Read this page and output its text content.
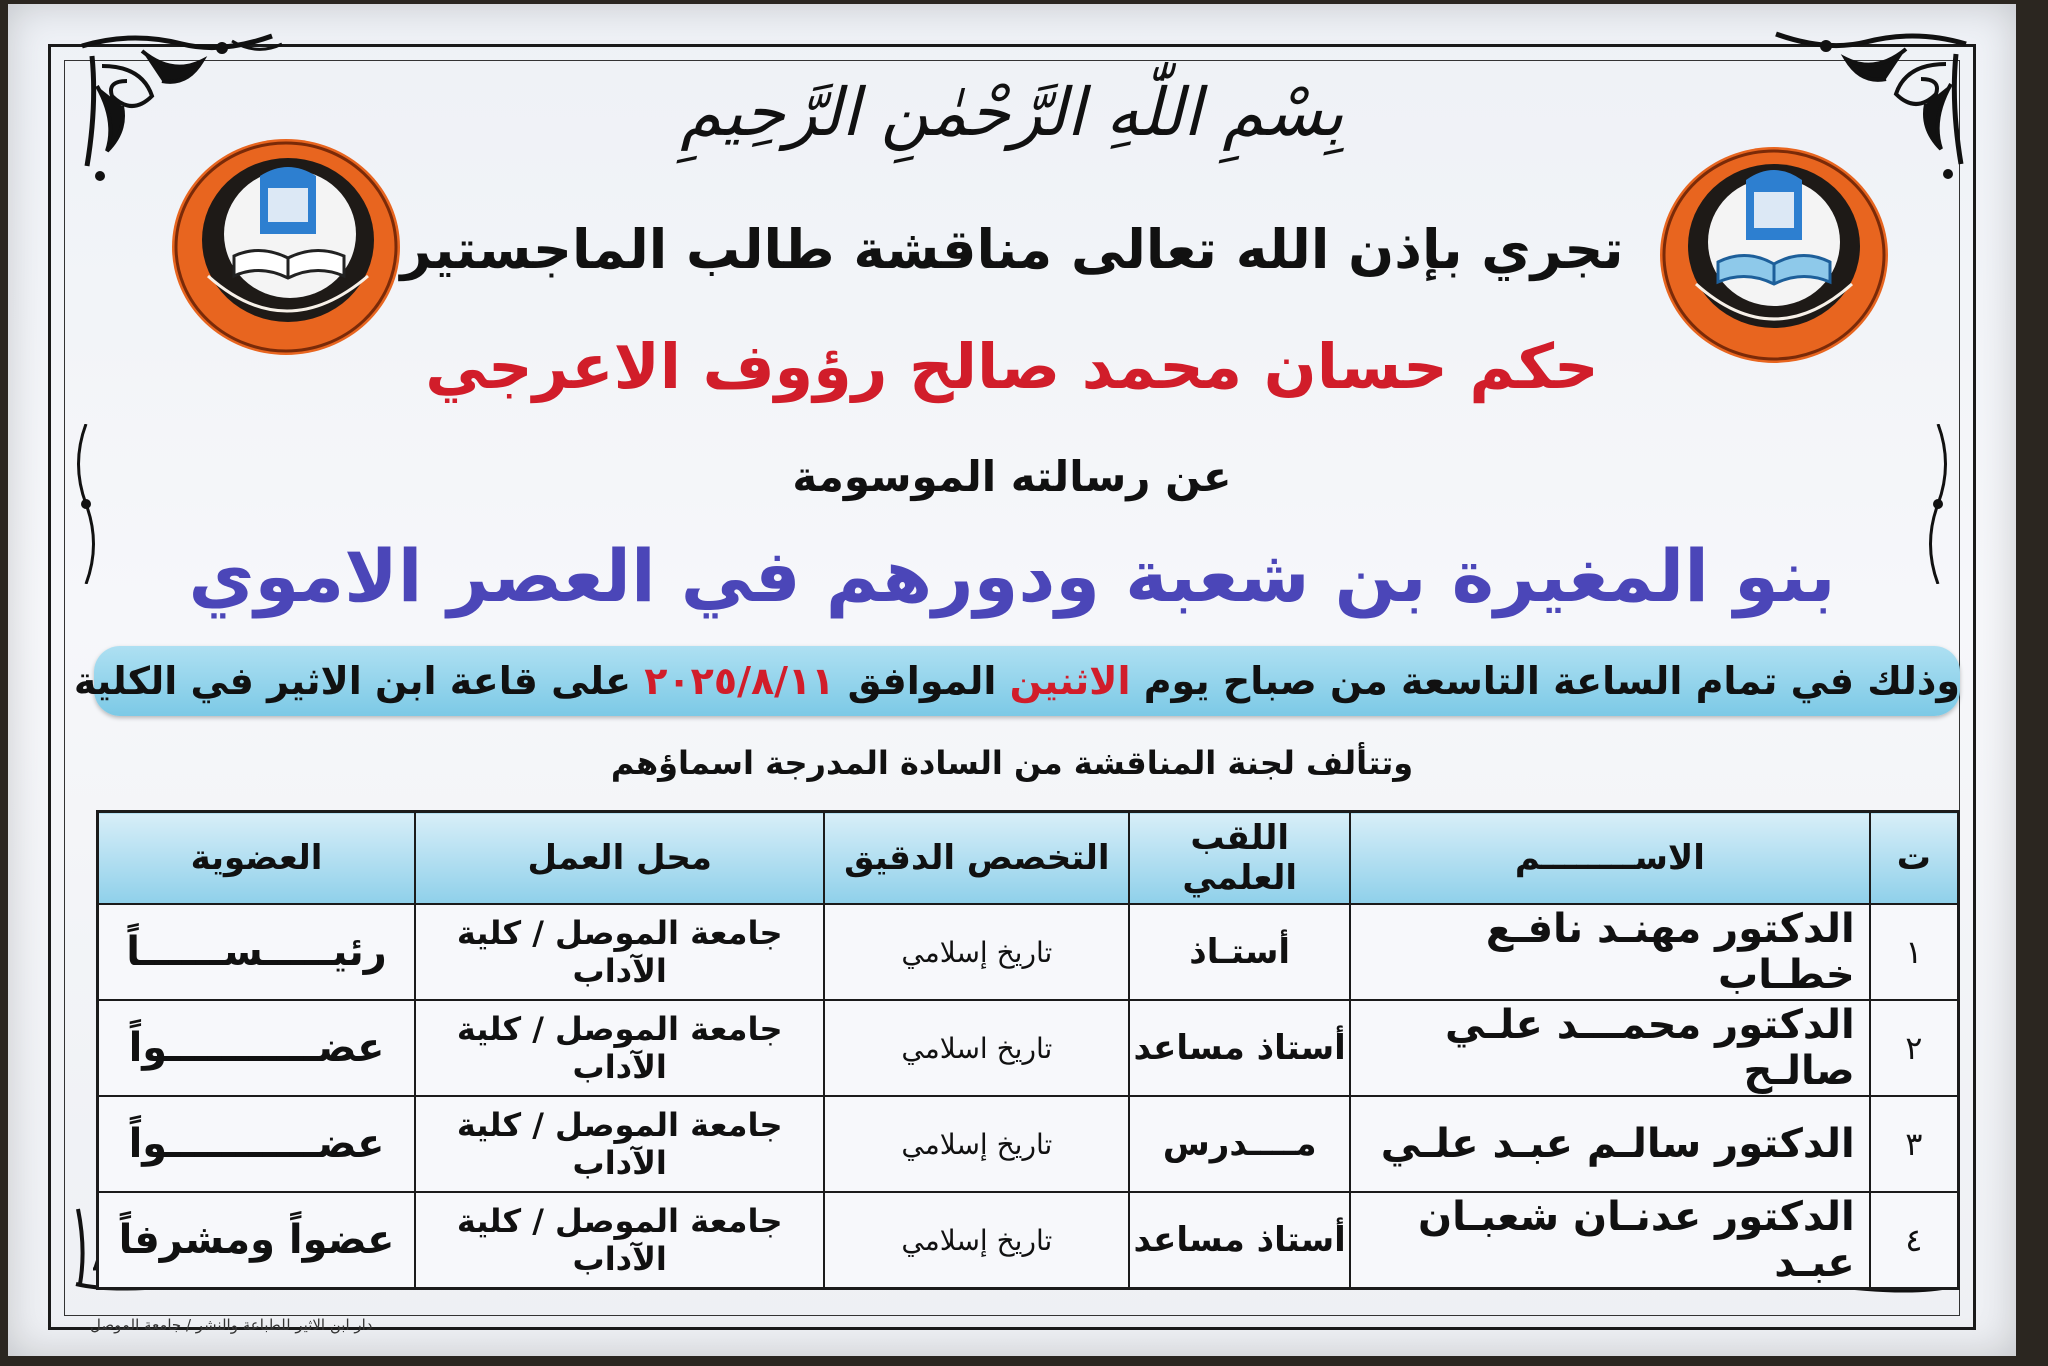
بِسْمِ اللّٰهِ الرَّحْمٰنِ الرَّحِيمِ
تجري بإذن الله تعالى مناقشة طالب الماجستير
حكم حسان محمد صالح رؤوف الاعرجي
عن رسالته الموسومة
بنو المغيرة بن شعبة ودورهم في العصر الاموي
وذلك في تمام الساعة التاسعة من صباح يوم الاثنين الموافق ٢٠٢٥/٨/١١ على قاعة ابن الاثير في الكلية
وتتألف لجنة المناقشة من السادة المدرجة اسماؤهم
ت	الاســــــــم	اللقب العلمي	التخصص الدقيق	محل العمل	العضوية
١	الدكتور مهنـد نافـع خطـاب	أستـاذ	تاريخ إسلامي	جامعة الموصل / كلية الآداب	رئيـــــســــــاً
٢	الدكتور محمـــد علـي صالـح	أستاذ مساعد	تاريخ اسلامي	جامعة الموصل / كلية الآداب	عضـــــــــــواً
٣	الدكتور سالـم عبـد علـي	مــــدرس	تاريخ إسلامي	جامعة الموصل / كلية الآداب	عضـــــــــــواً
٤	الدكتور عدنـان شعبـان عبـد	أستاذ مساعد	تاريخ إسلامي	جامعة الموصل / كلية الآداب	عضواً ومشرفاً
دار ابن الاثير للطباعة والنشر / جامعة الموصل
